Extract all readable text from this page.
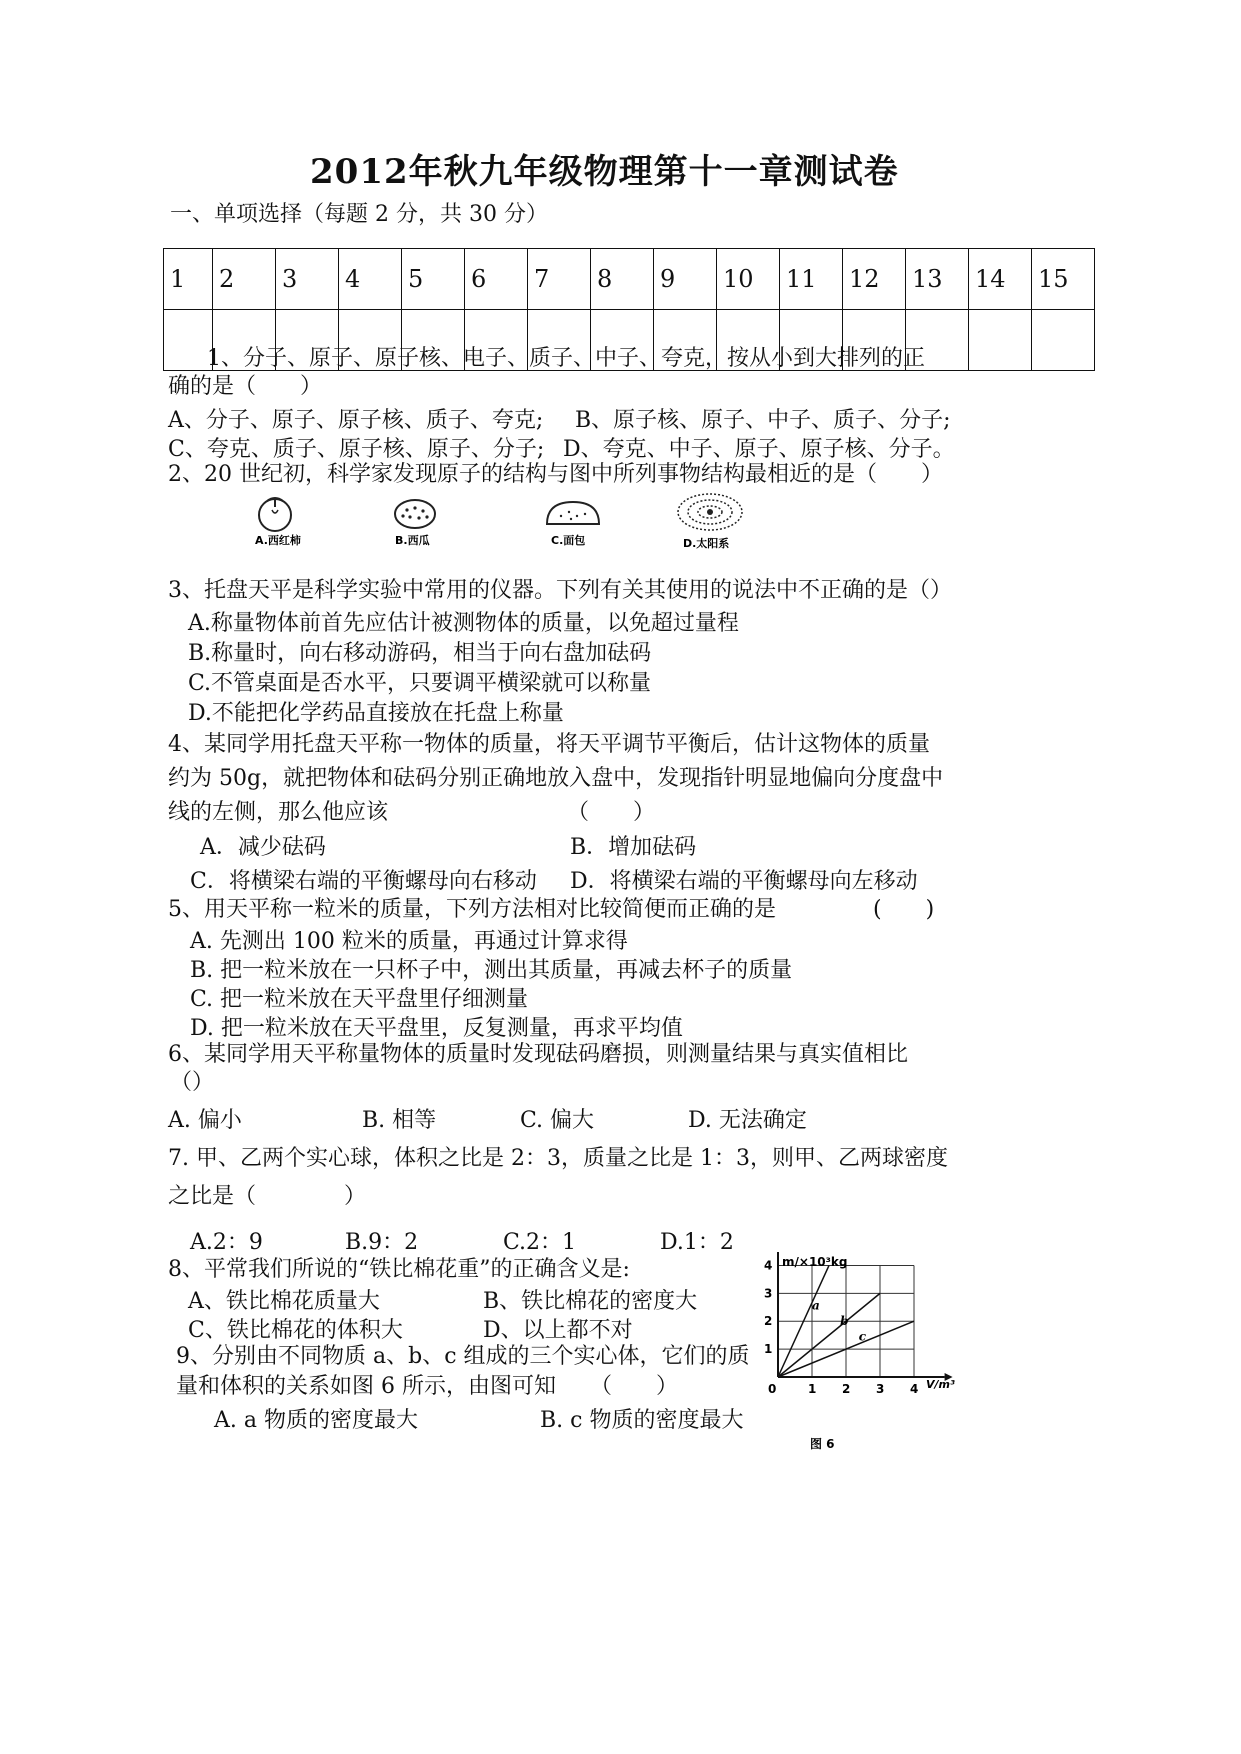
2012年秋九年级物理第十一章测试卷
一、单项选择（每题 2 分，共 30 分）
1	2	3	4	5	6	7	8	9	10	11	12	13	14	15

1、分子、原子、原子核、电子、质子、中子、夸克，按从小到大排列的正
确的是（　　）
A、分子、原子、原子核、质子、夸克; B、原子核、原子、中子、质子、分子;
C、夸克、质子、原子核、原子、分子; D、夸克、中子、原子、原子核、分子。
2、20 世纪初，科学家发现原子的结构与图中所列事物结构最相近的是（　　）
A.西红柿	B.西瓜	C.面包	D.太阳系
3、托盘天平是科学实验中常用的仪器。下列有关其使用的说法中不正确的是（）
A.称量物体前首先应估计被测物体的质量，以免超过量程
B.称量时，向右移动游码，相当于向右盘加砝码
C.不管桌面是否水平，只要调平横梁就可以称量
D.不能把化学药品直接放在托盘上称量
4、某同学用托盘天平称一物体的质量，将天平调节平衡后，估计这物体的质量
约为 50g，就把物体和砝码分别正确地放入盘中，发现指针明显地偏向分度盘中
线的左侧，那么他应该	（　　）
A．减少砝码	B．增加砝码
C．将横梁右端的平衡螺母向右移动 D．将横梁右端的平衡螺母向左移动
5、用天平称一粒米的质量，下列方法相对比较简便而正确的是	(　　)
A. 先测出 100 粒米的质量，再通过计算求得
B. 把一粒米放在一只杯子中，测出其质量，再减去杯子的质量
C. 把一粒米放在天平盘里仔细测量
D. 把一粒米放在天平盘里，反复测量，再求平均值
6、某同学用天平称量物体的质量时发现砝码磨损，则测量结果与真实值相比
（）
A. 偏小	B. 相等	C. 偏大	D. 无法确定
7. 甲、乙两个实心球，体积之比是 2：3，质量之比是 1：3，则甲、乙两球密度
之比是（　　　　）
A.2：9	B.9：2	C.2：1	D.1：2
8、平常我们所说的“铁比棉花重”的正确含义是:
A、铁比棉花质量大	B、铁比棉花的密度大
C、铁比棉花的体积大	D、以上都不对
9、分别由不同物质 a、b、c 组成的三个实心体，它们的质
量和体积的关系如图 6 所示，由图可知 （　　）
A. a 物质的密度最大	B. c 物质的密度最大
0	1 2 3 4
1
2
3
4
a
b
c
m/×10³kg
V/m³
图 6
